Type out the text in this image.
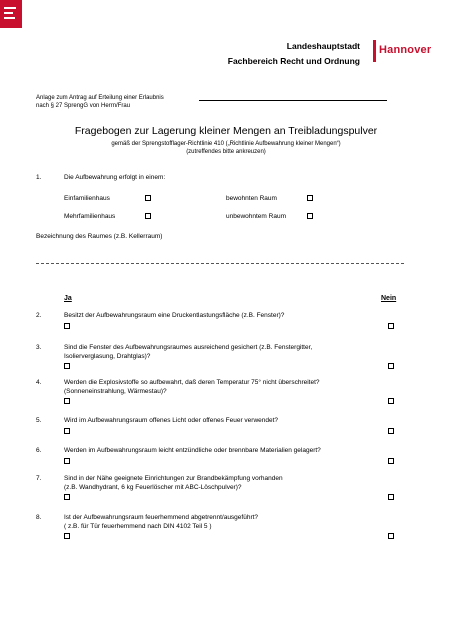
Landeshauptstadt
Fachbereich Recht und Ordnung
Hannover
Anlage zum Antrag auf Erteilung einer Erlaubnis
nach § 27 SprengG von Herrn/Frau
Fragebogen zur Lagerung kleiner Mengen an Treibladungspulver
gemäß der Sprengstofflager-Richtlinie 410 („Richtlinie Aufbewahrung kleiner Mengen“)
(zutreffendes bitte ankreuzen)
1.	Die Aufbewahrung erfolgt in einem:
Einfamilienhaus	bewohnten Raum
Mehrfamilienhaus	unbewohntem Raum
Bezeichnung des Raumes (z.B. Kellerraum)
Ja	Nein
2.	Besitzt der Aufbewahrungsraum eine Druckentlastungsfläche (z.B. Fenster)?
3.	Sind die Fenster des Aufbewahrungsraumes ausreichend gesichert (z.B. Fenstergitter,
Isolierverglasung, Drahtglas)?
4.	Werden die Explosivstoffe so aufbewahrt, daß deren Temperatur 75° nicht überschreitet?
(Sonneneinstrahlung, Wärmestau)?
5.	Wird im Aufbewahrungsraum offenes Licht oder offenes Feuer verwendet?
6.	Werden im Aufbewahrungsraum leicht entzündliche oder brennbare Materialien gelagert?
7.	Sind in der Nähe geeignete Einrichtungen zur Brandbekämpfung vorhanden
(z.B. Wandhydrant, 6 kg Feuerlöscher mit ABC-Löschpulver)?
8.	Ist der Aufbewahrungsraum feuerhemmend abgetrennt/ausgeführt?
( z.B. für Tür feuerhemmend nach DIN 4102 Teil 5 )
